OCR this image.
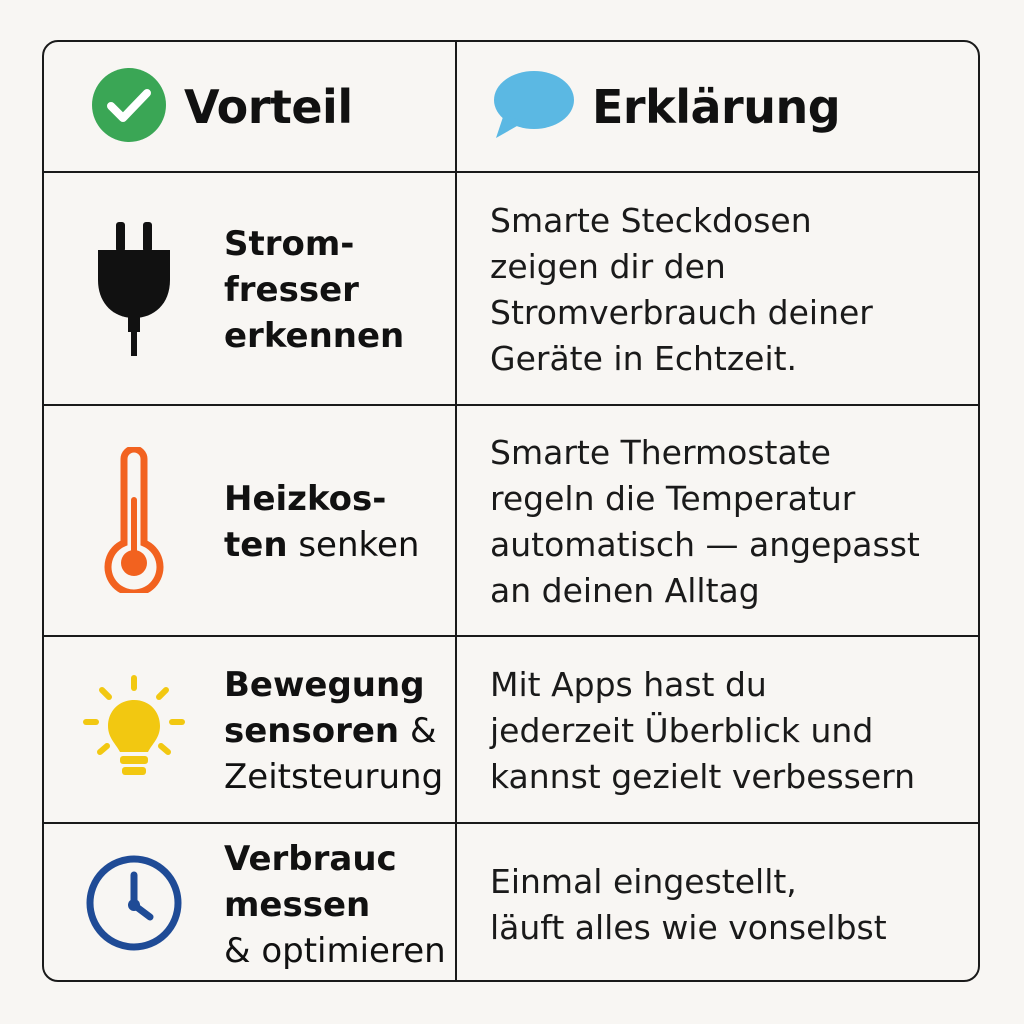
Vorteil	Erklärung
Strom-
fresser
erkennen
Smarte Steckdosen
zeigen dir den
Stromverbrauch deiner
Geräte in Echtzeit.
Heizkos-
ten senken
Smarte Thermostate
regeln die Temperatur
automatisch — angepasst
an deinen Alltag
Bewegung
sensoren &
Zeitsteurung
Mit Apps hast du
jederzeit Überblick und
kannst gezielt verbessern
Verbrauc
messen
& optimieren
Einmal eingestellt,
läuft alles wie vonselbst
